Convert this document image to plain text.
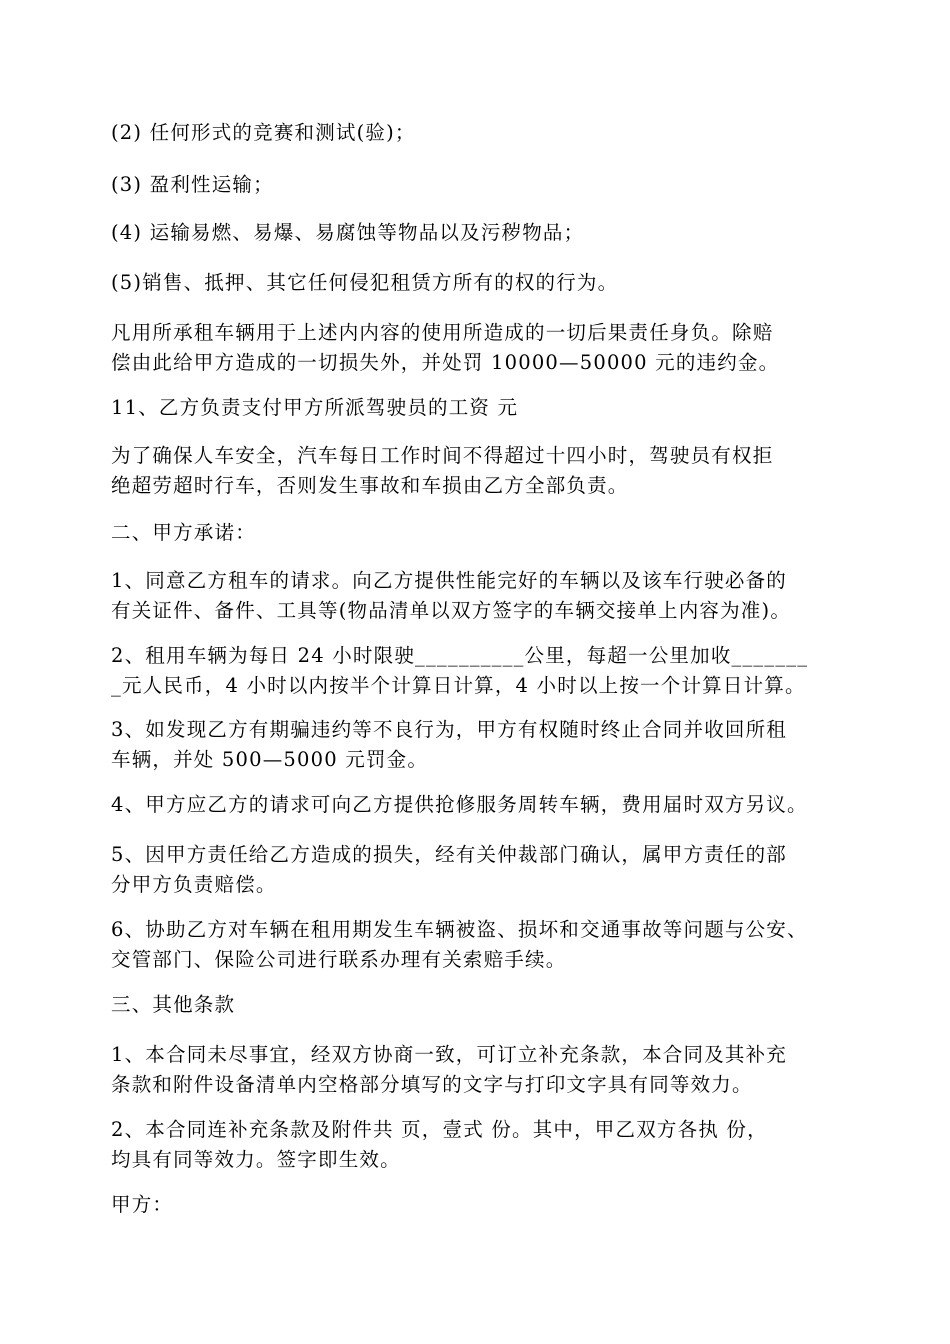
(2) 任何形式的竞赛和测试(验)；

(3) 盈利性运输；

(4) 运输易燃、易爆、易腐蚀等物品以及污秽物品；

(5)销售、抵押、其它任何侵犯租赁方所有的权的行为。

凡用所承租车辆用于上述内内容的使用所造成的一切后果责任身负。除赔
偿由此给甲方造成的一切损失外，并处罚 10000—50000 元的违约金。

11、乙方负责支付甲方所派驾驶员的工资 元

为了确保人车安全，汽车每日工作时间不得超过十四小时，驾驶员有权拒
绝超劳超时行车，否则发生事故和车损由乙方全部负责。

二、甲方承诺：

1、同意乙方租车的请求。向乙方提供性能完好的车辆以及该车行驶必备的
有关证件、备件、工具等(物品清单以双方签字的车辆交接单上内容为准)。

2、租用车辆为每日 24 小时限驶__________公里，每超一公里加收_______
_元人民币，4 小时以内按半个计算日计算，4 小时以上按一个计算日计算。

3、如发现乙方有期骗违约等不良行为，甲方有权随时终止合同并收回所租
车辆，并处 500—5000 元罚金。

4、甲方应乙方的请求可向乙方提供抢修服务周转车辆，费用届时双方另议。

5、因甲方责任给乙方造成的损失，经有关仲裁部门确认，属甲方责任的部
分甲方负责赔偿。

6、协助乙方对车辆在租用期发生车辆被盗、损坏和交通事故等问题与公安、
交管部门、保险公司进行联系办理有关索赔手续。

三、其他条款

1、本合同未尽事宜，经双方协商一致，可订立补充条款，本合同及其补充
条款和附件设备清单内空格部分填写的文字与打印文字具有同等效力。

2、本合同连补充条款及附件共 页，壹式 份。其中，甲乙双方各执 份，
均具有同等效力。签字即生效。

甲方：
